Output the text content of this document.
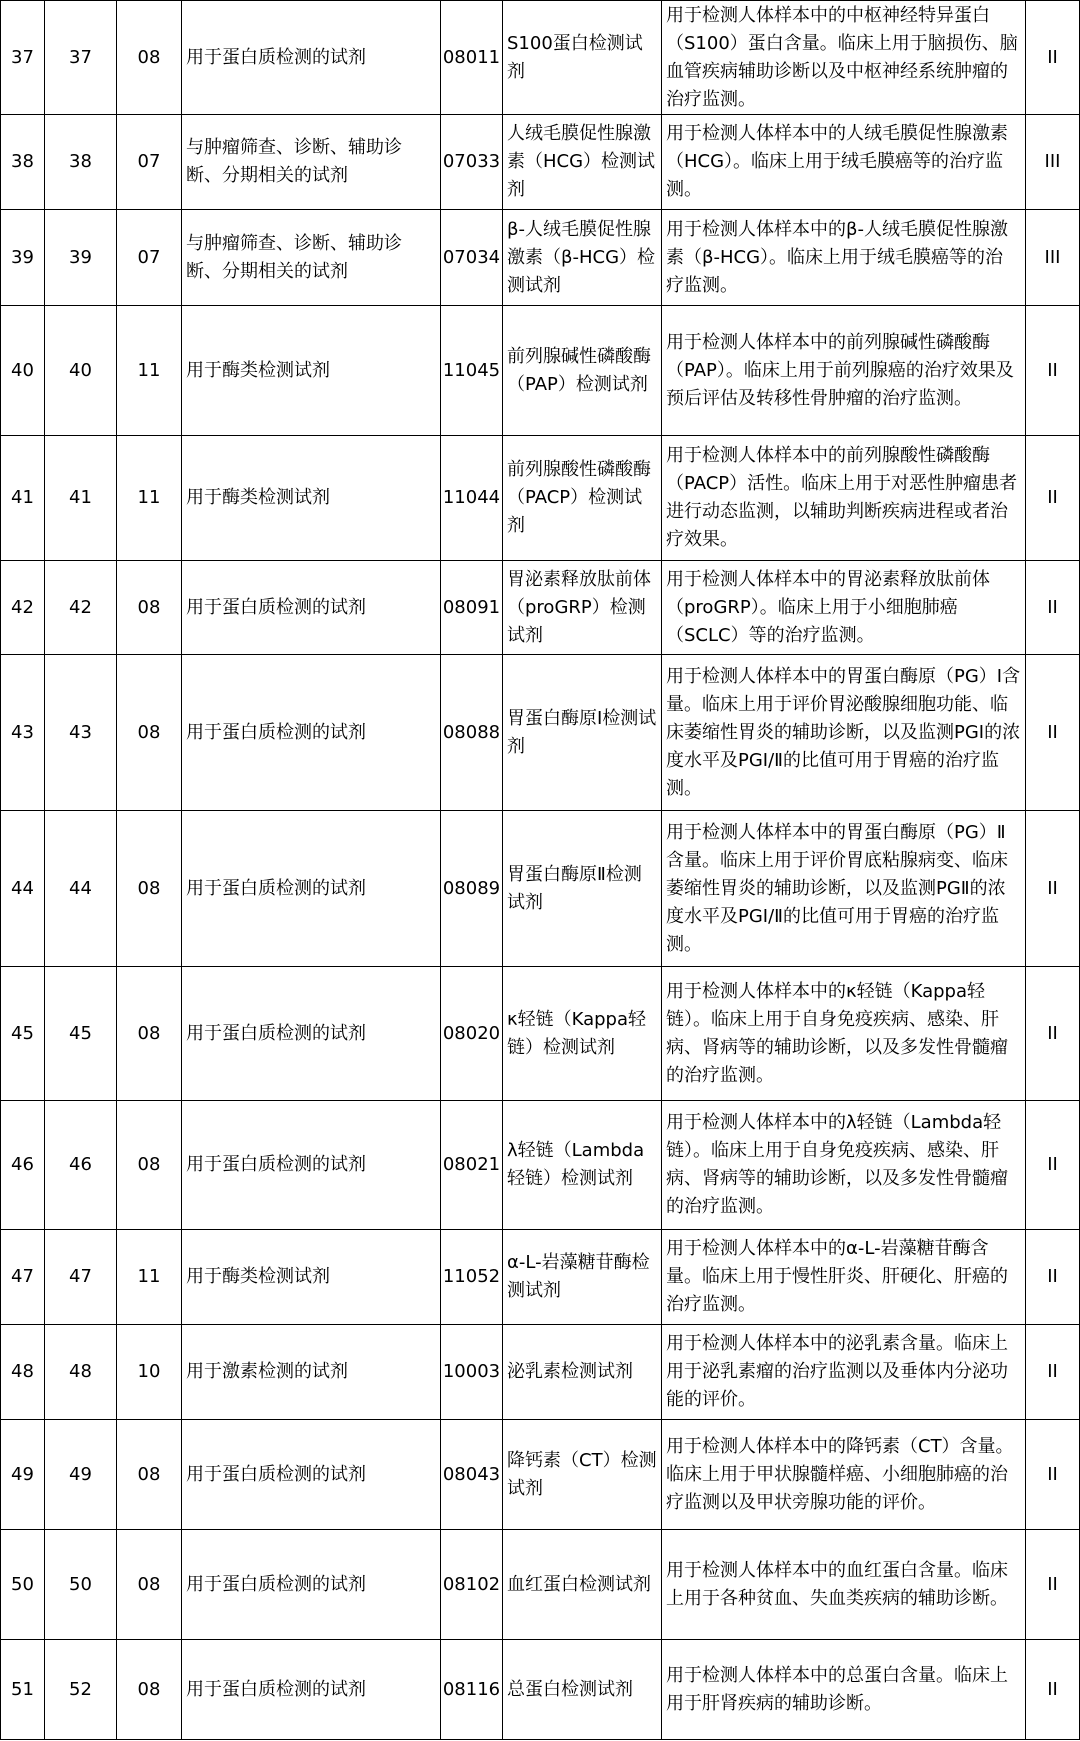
37	37	08	用于蛋白质检测的试剂	08011	S100蛋白检测试剂	用于检测人体样本中的中枢神经特异蛋白（S100）蛋白含量。临床上用于脑损伤、脑血管疾病辅助诊断以及中枢神经系统肿瘤的治疗监测。	II
38	38	07	与肿瘤筛查、诊断、辅助诊断、分期相关的试剂	07033	人绒毛膜促性腺激素（HCG）检测试剂	用于检测人体样本中的人绒毛膜促性腺激素（HCG）。临床上用于绒毛膜癌等的治疗监测。	III
39	39	07	与肿瘤筛查、诊断、辅助诊断、分期相关的试剂	07034	β-人绒毛膜促性腺激素（β-HCG）检测试剂	用于检测人体样本中的β-人绒毛膜促性腺激素（β-HCG）。临床上用于绒毛膜癌等的治疗监测。	III
40	40	11	用于酶类检测试剂	11045	前列腺碱性磷酸酶（PAP）检测试剂	用于检测人体样本中的前列腺碱性磷酸酶（PAP）。临床上用于前列腺癌的治疗效果及预后评估及转移性骨肿瘤的治疗监测。	II
41	41	11	用于酶类检测试剂	11044	前列腺酸性磷酸酶（PACP）检测试剂	用于检测人体样本中的前列腺酸性磷酸酶（PACP）活性。临床上用于对恶性肿瘤患者进行动态监测，以辅助判断疾病进程或者治疗效果。	II
42	42	08	用于蛋白质检测的试剂	08091	胃泌素释放肽前体（proGRP）检测试剂	用于检测人体样本中的胃泌素释放肽前体（proGRP）。临床上用于小细胞肺癌（SCLC）等的治疗监测。	II
43	43	08	用于蛋白质检测的试剂	08088	胃蛋白酶原Ⅰ检测试剂	用于检测人体样本中的胃蛋白酶原（PG）Ⅰ含量。临床上用于评价胃泌酸腺细胞功能、临床萎缩性胃炎的辅助诊断，以及监测PGⅠ的浓度水平及PGⅠ/Ⅱ的比值可用于胃癌的治疗监测。	II
44	44	08	用于蛋白质检测的试剂	08089	胃蛋白酶原Ⅱ检测试剂	用于检测人体样本中的胃蛋白酶原（PG）Ⅱ含量。临床上用于评价胃底粘腺病变、临床萎缩性胃炎的辅助诊断，以及监测PGⅡ的浓度水平及PGⅠ/Ⅱ的比值可用于胃癌的治疗监测。	II
45	45	08	用于蛋白质检测的试剂	08020	κ轻链（Kappa轻链）检测试剂	用于检测人体样本中的κ轻链（Kappa轻链）。临床上用于自身免疫疾病、感染、肝病、肾病等的辅助诊断，以及多发性骨髓瘤的治疗监测。	II
46	46	08	用于蛋白质检测的试剂	08021	λ轻链（Lambda轻链）检测试剂	用于检测人体样本中的λ轻链（Lambda轻链）。临床上用于自身免疫疾病、感染、肝病、肾病等的辅助诊断，以及多发性骨髓瘤的治疗监测。	II
47	47	11	用于酶类检测试剂	11052	α-L-岩藻糖苷酶检测试剂	用于检测人体样本中的α-L-岩藻糖苷酶含量。临床上用于慢性肝炎、肝硬化、肝癌的治疗监测。	II
48	48	10	用于激素检测的试剂	10003	泌乳素检测试剂	用于检测人体样本中的泌乳素含量。临床上用于泌乳素瘤的治疗监测以及垂体内分泌功能的评价。	II
49	49	08	用于蛋白质检测的试剂	08043	降钙素（CT）检测试剂	用于检测人体样本中的降钙素（CT）含量。临床上用于甲状腺髓样癌、小细胞肺癌的治疗监测以及甲状旁腺功能的评价。	II
50	50	08	用于蛋白质检测的试剂	08102	血红蛋白检测试剂	用于检测人体样本中的血红蛋白含量。临床上用于各种贫血、失血类疾病的辅助诊断。	II
51	52	08	用于蛋白质检测的试剂	08116	总蛋白检测试剂	用于检测人体样本中的总蛋白含量。临床上用于肝肾疾病的辅助诊断。	II
